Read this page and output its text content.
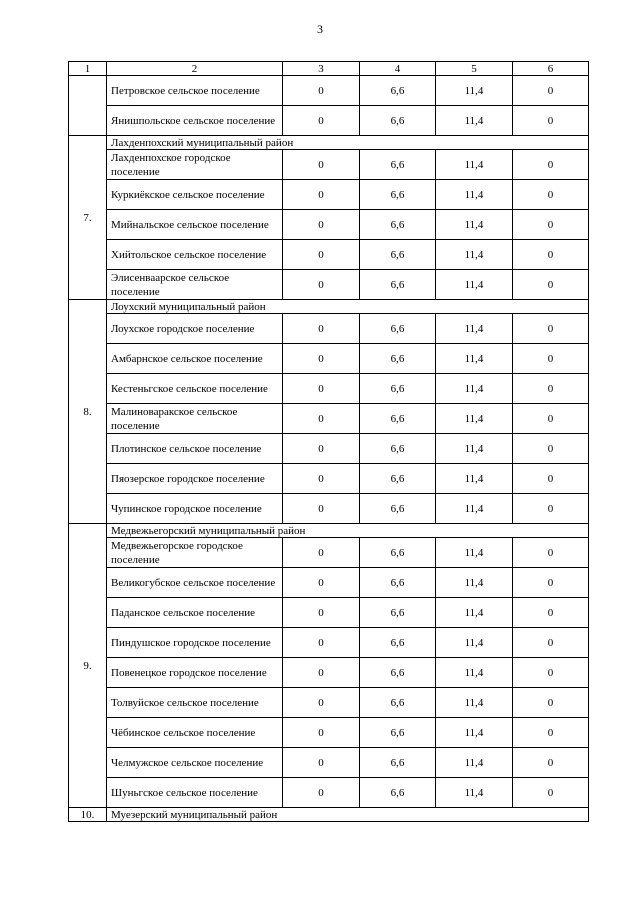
3
1	2	3	4	5	6
	Петровское сельское поселение	0	6,6	11,4	0
	Янишпольское сельское поселение	0	6,6	11,4	0
7.	Лахденпохский муниципальный район				
	Лахденпохское городское поселение	0	6,6	11,4	0
	Куркиёкское сельское поселение	0	6,6	11,4	0
	Мийнальское сельское поселение	0	6,6	11,4	0
	Хийтольское сельское поселение	0	6,6	11,4	0
	Элисенваарское сельское поселение	0	6,6	11,4	0
8.	Лоухский муниципальный район				
	Лоухское городское поселение	0	6,6	11,4	0
	Амбарнское сельское поселение	0	6,6	11,4	0
	Кестеньгское сельское поселение	0	6,6	11,4	0
	Малиноваракское сельское поселение	0	6,6	11,4	0
	Плотинское сельское поселение	0	6,6	11,4	0
	Пяозерское городское поселение	0	6,6	11,4	0
	Чупинское городское поселение	0	6,6	11,4	0
9.	Медвежьегорский муниципальный район				
	Медвежьегорское городское поселение	0	6,6	11,4	0
	Великогубское сельское поселение	0	6,6	11,4	0
	Паданское сельское поселение	0	6,6	11,4	0
	Пиндушское городское поселение	0	6,6	11,4	0
	Повенецкое городское поселение	0	6,6	11,4	0
	Толвуйское сельское поселение	0	6,6	11,4	0
	Чёбинское сельское поселение	0	6,6	11,4	0
	Челмужское сельское поселение	0	6,6	11,4	0
	Шуньгское сельское поселение	0	6,6	11,4	0
10.	Муезерский муниципальный район				
